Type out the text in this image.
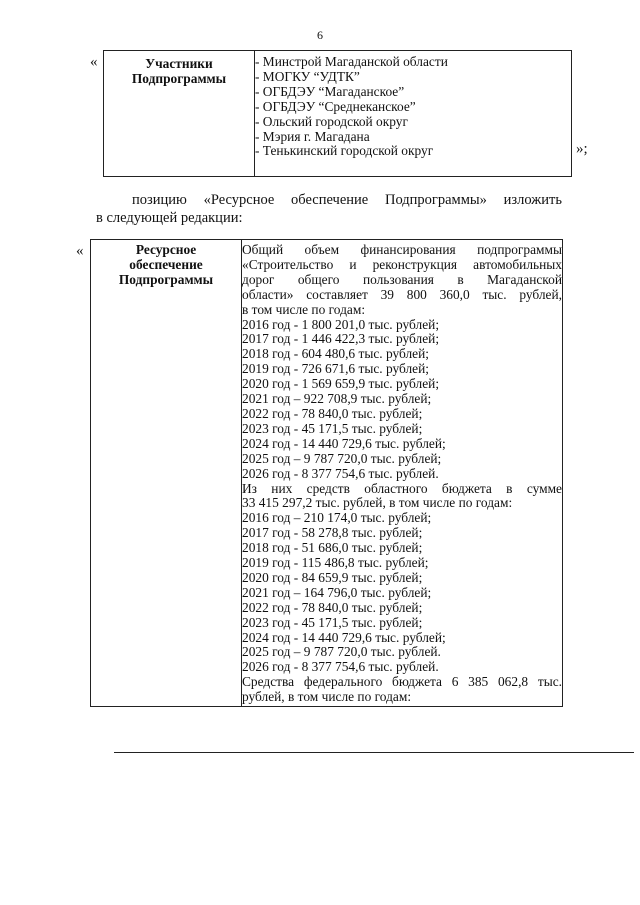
6
«	Участники
Подпрограммы

- Минстрой Магаданской области
- МОГКУ “УДТК”
- ОГБДЭУ “Магаданское”
- ОГБДЭУ “Среднеканское”
- Ольский городской округ
- Мэрия г. Магадана
- Тенькинский городской округ	»;
позицию «Ресурсное обеспечение Подпрограммы» изложить
в следующей редакции:
«	Ресурсное
обеспечение
Подпрограммы

Общий объем финансирования подпрограммы
«Строительство и реконструкция автомобильных
дорог общего пользования в Магаданской
области» составляет 39 800 360,0 тыс. рублей,
в том числе по годам:
2016 год - 1 800 201,0 тыс. рублей;
2017 год - 1 446 422,3 тыс. рублей;
2018 год - 604 480,6 тыс. рублей;
2019 год - 726 671,6 тыс. рублей;
2020 год - 1 569 659,9 тыс. рублей;
2021 год – 922 708,9 тыс. рублей;
2022 год - 78 840,0 тыс. рублей;
2023 год - 45 171,5 тыс. рублей;
2024 год - 14 440 729,6 тыс. рублей;
2025 год – 9 787 720,0 тыс. рублей;
2026 год - 8 377 754,6 тыс. рублей.
Из них средств областного бюджета в сумме
33 415 297,2 тыс. рублей, в том числе по годам:
2016 год – 210 174,0 тыс. рублей;
2017 год - 58 278,8 тыс. рублей;
2018 год - 51 686,0 тыс. рублей;
2019 год - 115 486,8 тыс. рублей;
2020 год - 84 659,9 тыс. рублей;
2021 год – 164 796,0 тыс. рублей;
2022 год - 78 840,0 тыс. рублей;
2023 год - 45 171,5 тыс. рублей;
2024 год - 14 440 729,6 тыс. рублей;
2025 год – 9 787 720,0 тыс. рублей.
2026 год - 8 377 754,6 тыс. рублей.
Средства федерального бюджета 6 385 062,8 тыс.
рублей, в том числе по годам:
